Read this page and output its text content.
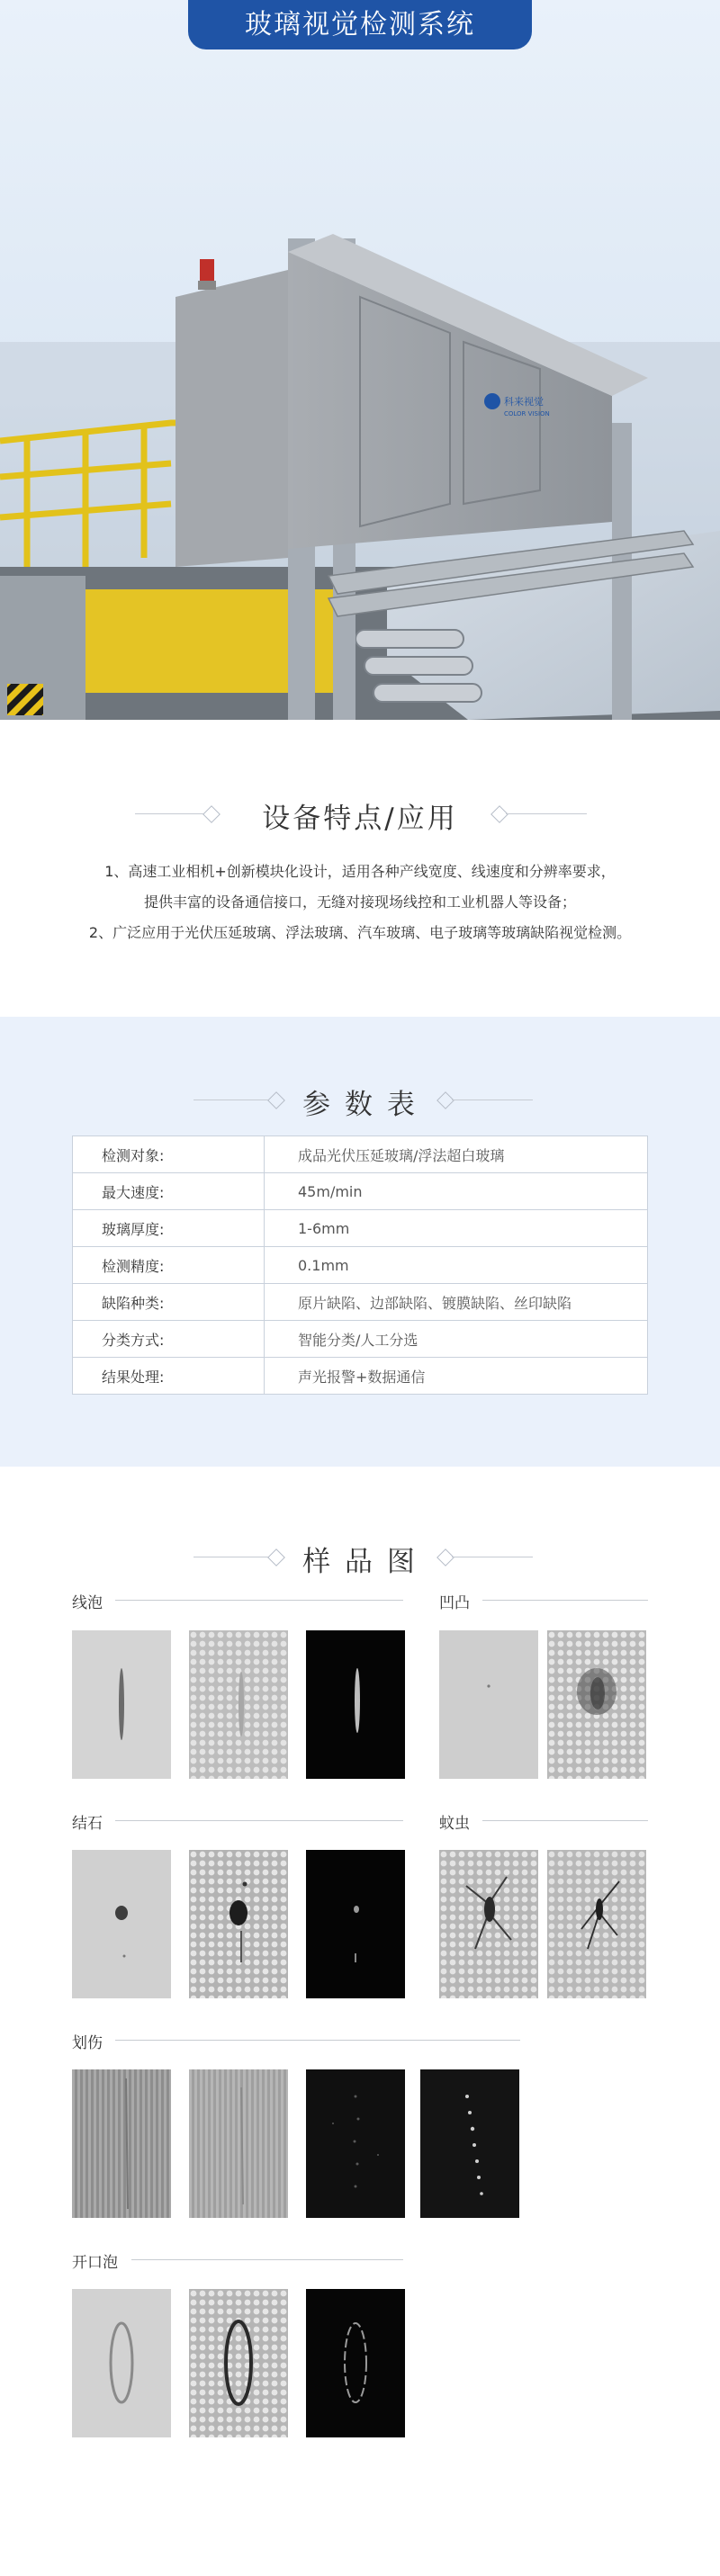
科来视觉
COLOR VISION
玻璃视觉检测系统
设备特点/应用
1、高速工业相机+创新模块化设计，适用各种产线宽度、线速度和分辨率要求，
提供丰富的设备通信接口，无缝对接现场线控和工业机器人等设备；
2、广泛应用于光伏压延玻璃、浮法玻璃、汽车玻璃、电子玻璃等玻璃缺陷视觉检测。
参 数 表
检测对象:	成品光伏压延玻璃/浮法超白玻璃
最大速度:	45m/min
玻璃厚度:	1-6mm
检测精度:	0.1mm
缺陷种类:	原片缺陷、边部缺陷、镀膜缺陷、丝印缺陷
分类方式:	智能分类/人工分选
结果处理:	声光报警+数据通信
样 品 图
线泡	凹凸
结石	蚊虫
划伤
开口泡
